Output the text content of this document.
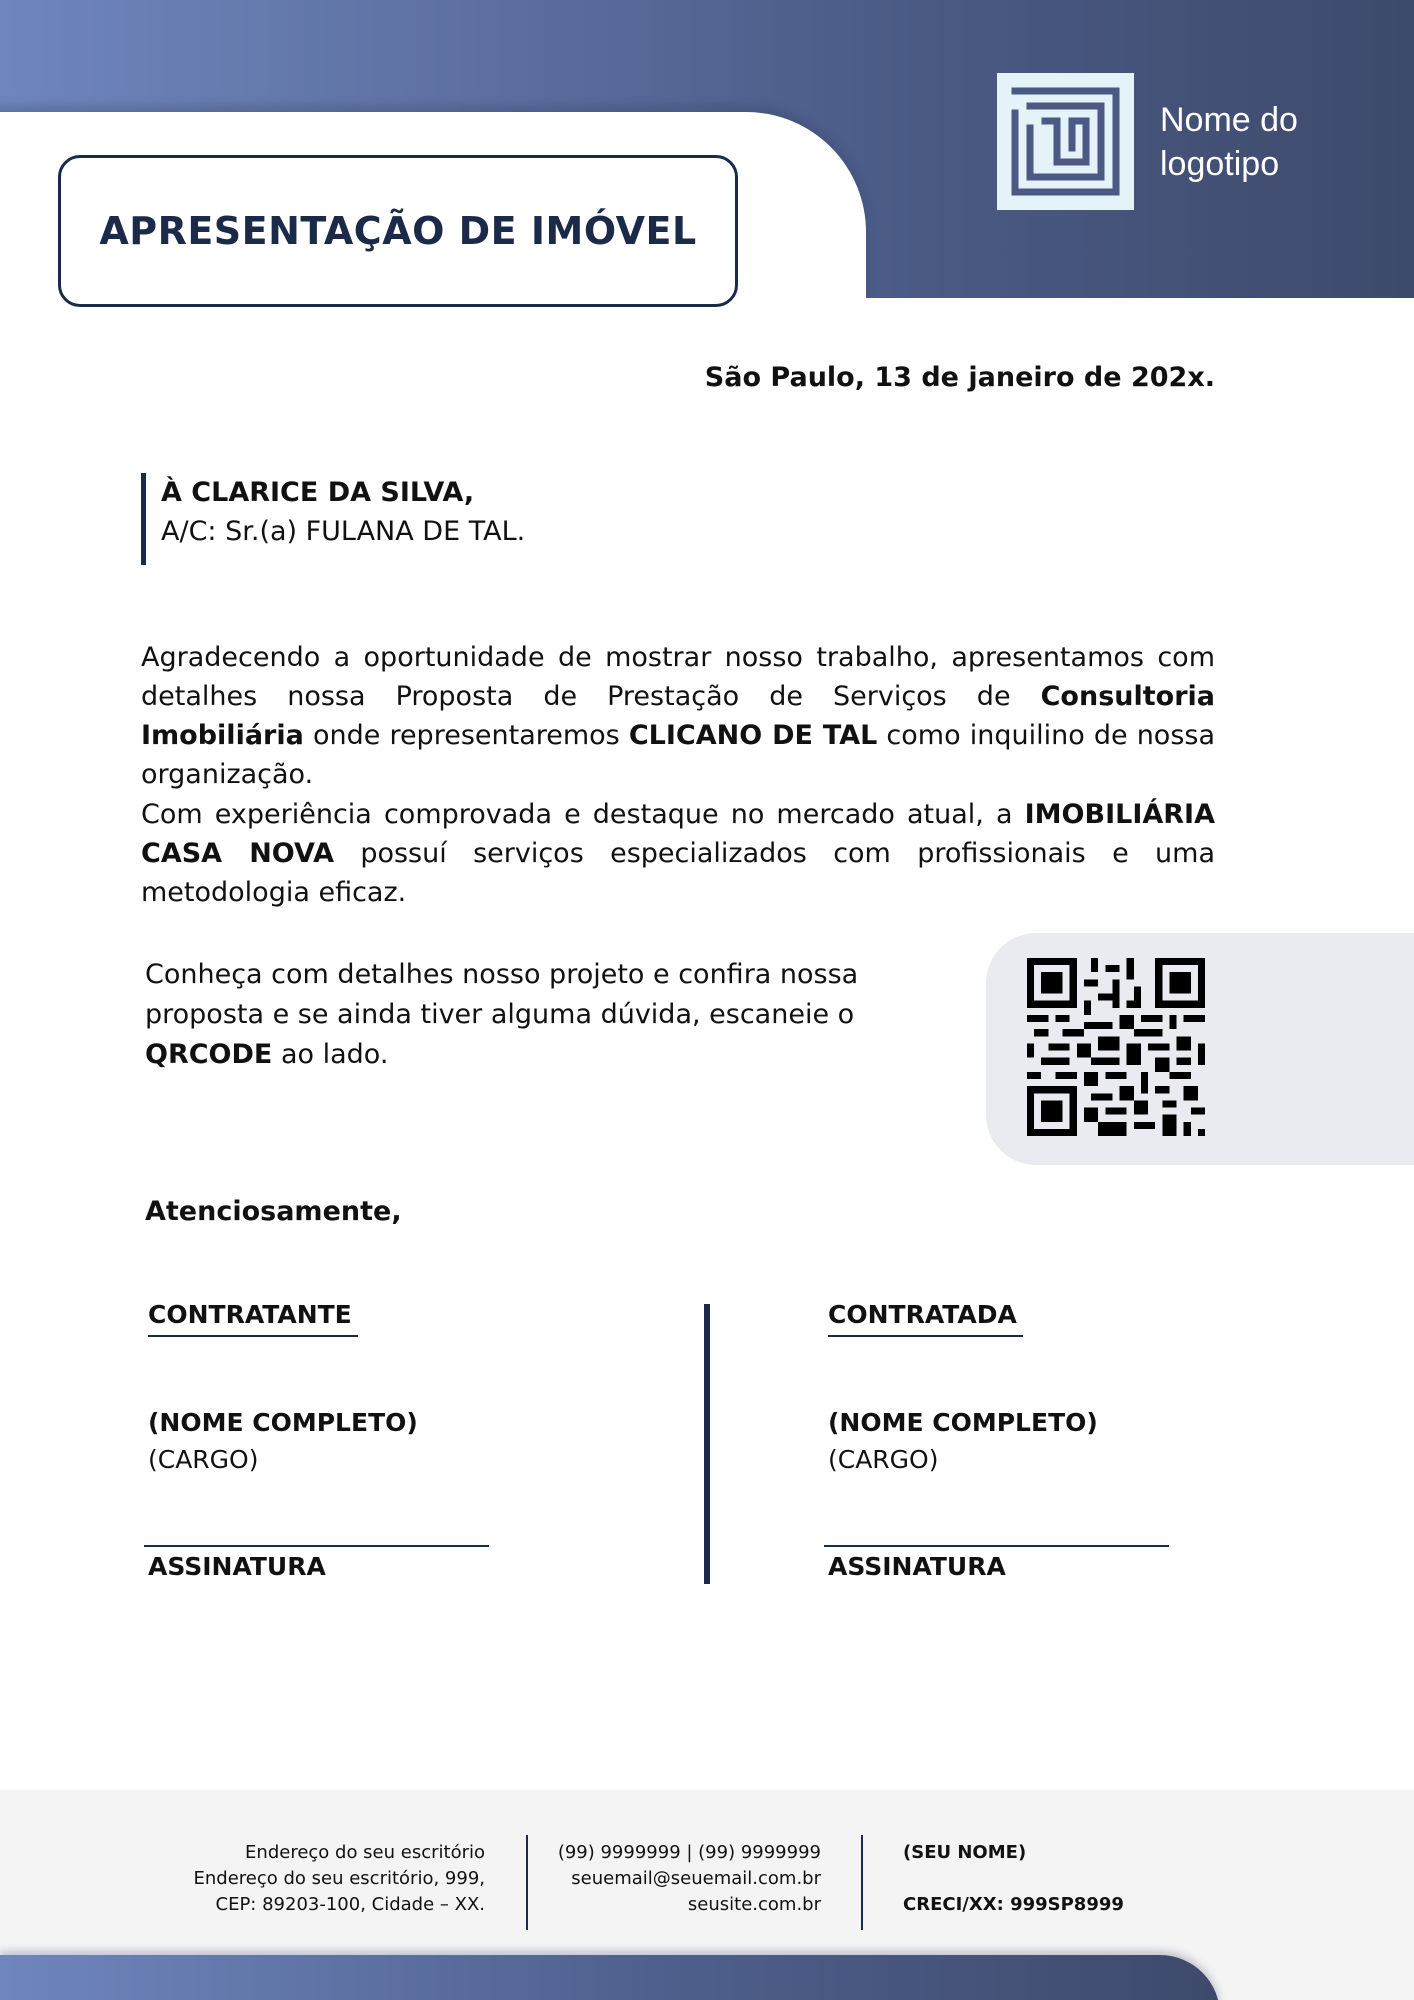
APRESENTAÇÃO DE IMÓVEL
Nome do
logotipo
São Paulo, 13 de janeiro de 202x.
À CLARICE DA SILVA,
A/C: Sr.(a) FULANA DE TAL.
Agradecendo a oportunidade de mostrar nosso trabalho, apresentamos com detalhes nossa Proposta de Prestação de Serviços de Consultoria Imobiliária onde representaremos CLICANO DE TAL como inquilino de nossa organização.
Com experiência comprovada e destaque no mercado atual, a IMOBILIÁRIA CASA NOVA possuí serviços especializados com profissionais e uma metodologia eficaz.
Conheça com detalhes nosso projeto e confira nossa proposta e se ainda tiver alguma dúvida, escaneie o QRCODE ao lado.
Atenciosamente,
CONTRATANTE
(NOME COMPLETO)
(CARGO)
ASSINATURA
CONTRATADA
(NOME COMPLETO)
(CARGO)
ASSINATURA
Endereço do seu escritório
Endereço do seu escritório, 999,
CEP: 89203-100, Cidade – XX.
(99) 9999999 | (99) 9999999
seuemail@seuemail.com.br
seusite.com.br
(SEU NOME)
CRECI/XX: 999SP8999
